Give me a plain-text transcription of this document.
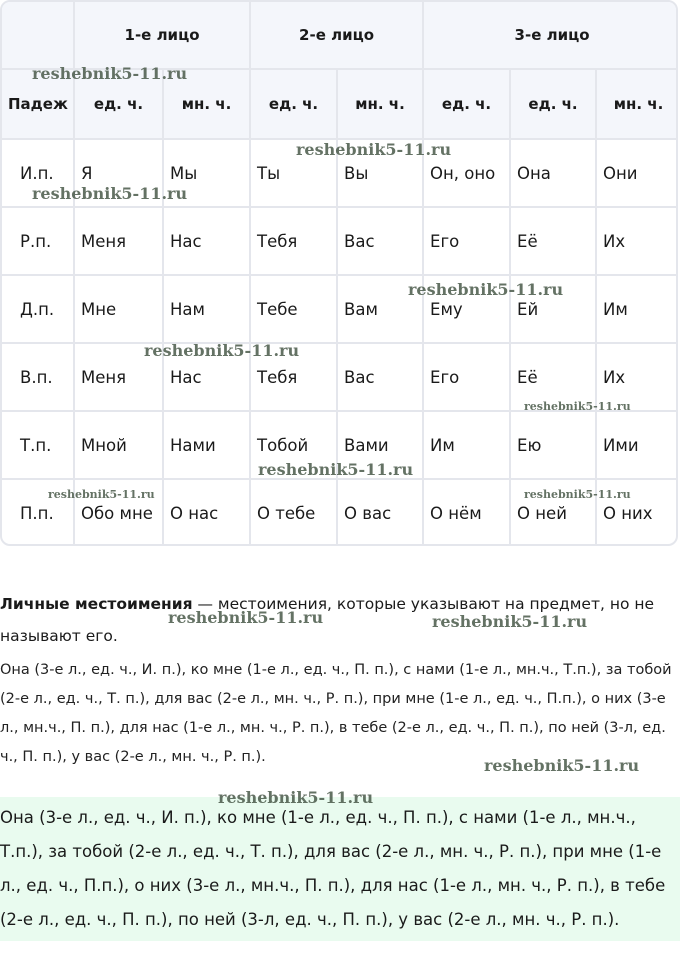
	1-е лицо		2-е лицо		3-е лицо		
Падеж	ед. ч.	мн. ч.	ед. ч.	мн. ч.	ед. ч.	ед. ч.	мн. ч.
И.п.	Я	Мы	Ты	Вы	Он, оно	Она	Они
Р.п.	Меня	Нас	Тебя	Вас	Его	Её	Их
Д.п.	Мне	Нам	Тебе	Вам	Ему	Ей	Им
В.п.	Меня	Нас	Тебя	Вас	Его	Её	Их
Т.п.	Мной	Нами	Тобой	Вами	Им	Ею	Ими
П.п.	Обо мне	О нас	О тебе	О вас	О нём	О ней	О них
Личные местоимения — местоимения, которые указывают на предмет, но не называют его.
Она (3-е л., ед. ч., И. п.), ко мне (1-е л., ед. ч., П. п.), с нами (1-е л., мн.ч., Т.п.), за тобой (2-е л., ед. ч., Т. п.), для вас (2-е л., мн. ч., Р. п.), при мне (1-е л., ед. ч., П.п.), о них (3-е л., мн.ч., П. п.), для нас (1-е л., мн. ч., Р. п.), в тебе (2-е л., ед. ч., П. п.), по ней (3-л, ед. ч., П. п.), у вас (2-е л., мн. ч., Р. п.).
Она (3-е л., ед. ч., И. п.), ко мне (1-е л., ед. ч., П. п.), с нами (1-е л., мн.ч., Т.п.), за тобой (2-е л., ед. ч., Т. п.), для вас (2-е л., мн. ч., Р. п.), при мне (1-е л., ед. ч., П.п.), о них (3-е л., мн.ч., П. п.), для нас (1-е л., мн. ч., Р. п.), в тебе (2-е л., ед. ч., П. п.), по ней (3-л, ед. ч., П. п.), у вас (2-е л., мн. ч., Р. п.).
reshebnik5-11.ru
reshebnik5-11.ru
reshebnik5-11.ru
reshebnik5-11.ru
reshebnik5-11.ru
reshebnik5-11.ru
reshebnik5-11.ru
reshebnik5-11.ru	reshebnik5-11.ru
reshebnik5-11.ru	reshebnik5-11.ru
reshebnik5-11.ru
reshebnik5-11.ru
